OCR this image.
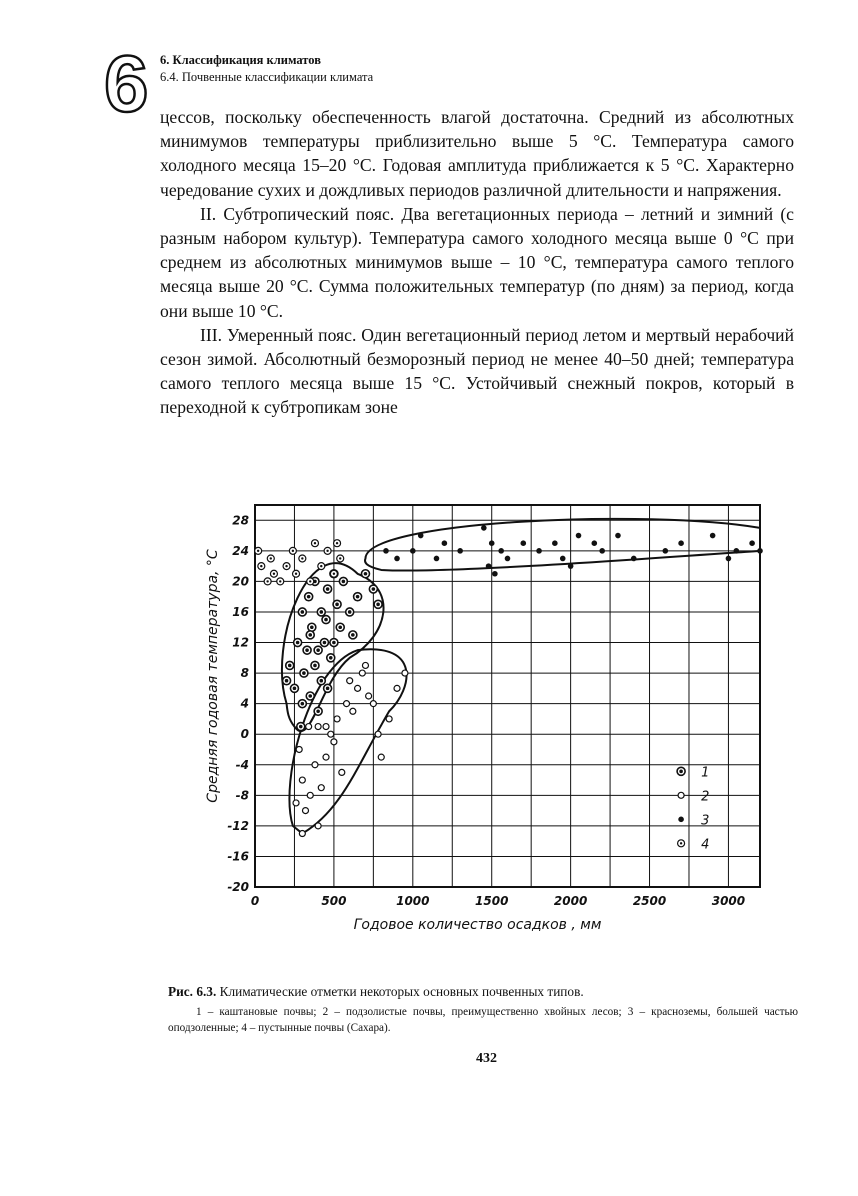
6 6. Классификация климатов
6.4. Почвенные классификации климата

цессов, поскольку обеспеченность влагой достаточна. Средний из абсолютных минимумов температуры приблизительно выше 5 °С. Температура самого холодного месяца 15–20 °С. Годовая амплитуда приближается к 5 °С. Характерно чередование сухих и дождливых периодов различной длительности и напряжения.

II. Субтропический пояс. Два вегетационных периода – летний и зимний (с разным набором культур). Температура самого холодного месяца выше 0 °С при среднем из абсолютных минимумов выше – 10 °С, температура самого теплого месяца выше 20 °С. Сумма положительных температур (по дням) за период, когда они выше 10 °С.

III. Умеренный пояс. Один вегетационный период летом и мертвый нерабочий сезон зимой. Абсолютный безморозный период не менее 40–50 дней; температура самого теплого месяца выше 15 °С. Устойчивый снежный покров, который в переходной к субтропикам зоне

28
24
20
16
12
8
4
0
-4
-8
-12
-16
-20
0	500	1000	1500	2000	2500	3000
Годовое количество осадков , мм
Средняя годовая температура, °С	1
2
3
4
Рис. 6.3. Климатические отметки некоторых основных почвенных типов.
1 – каштановые почвы; 2 – подзолистые почвы, преимущественно хвойных лесов; 3 – красноземы, большей частью оподзоленные; 4 – пустынные почвы (Сахара).
432
